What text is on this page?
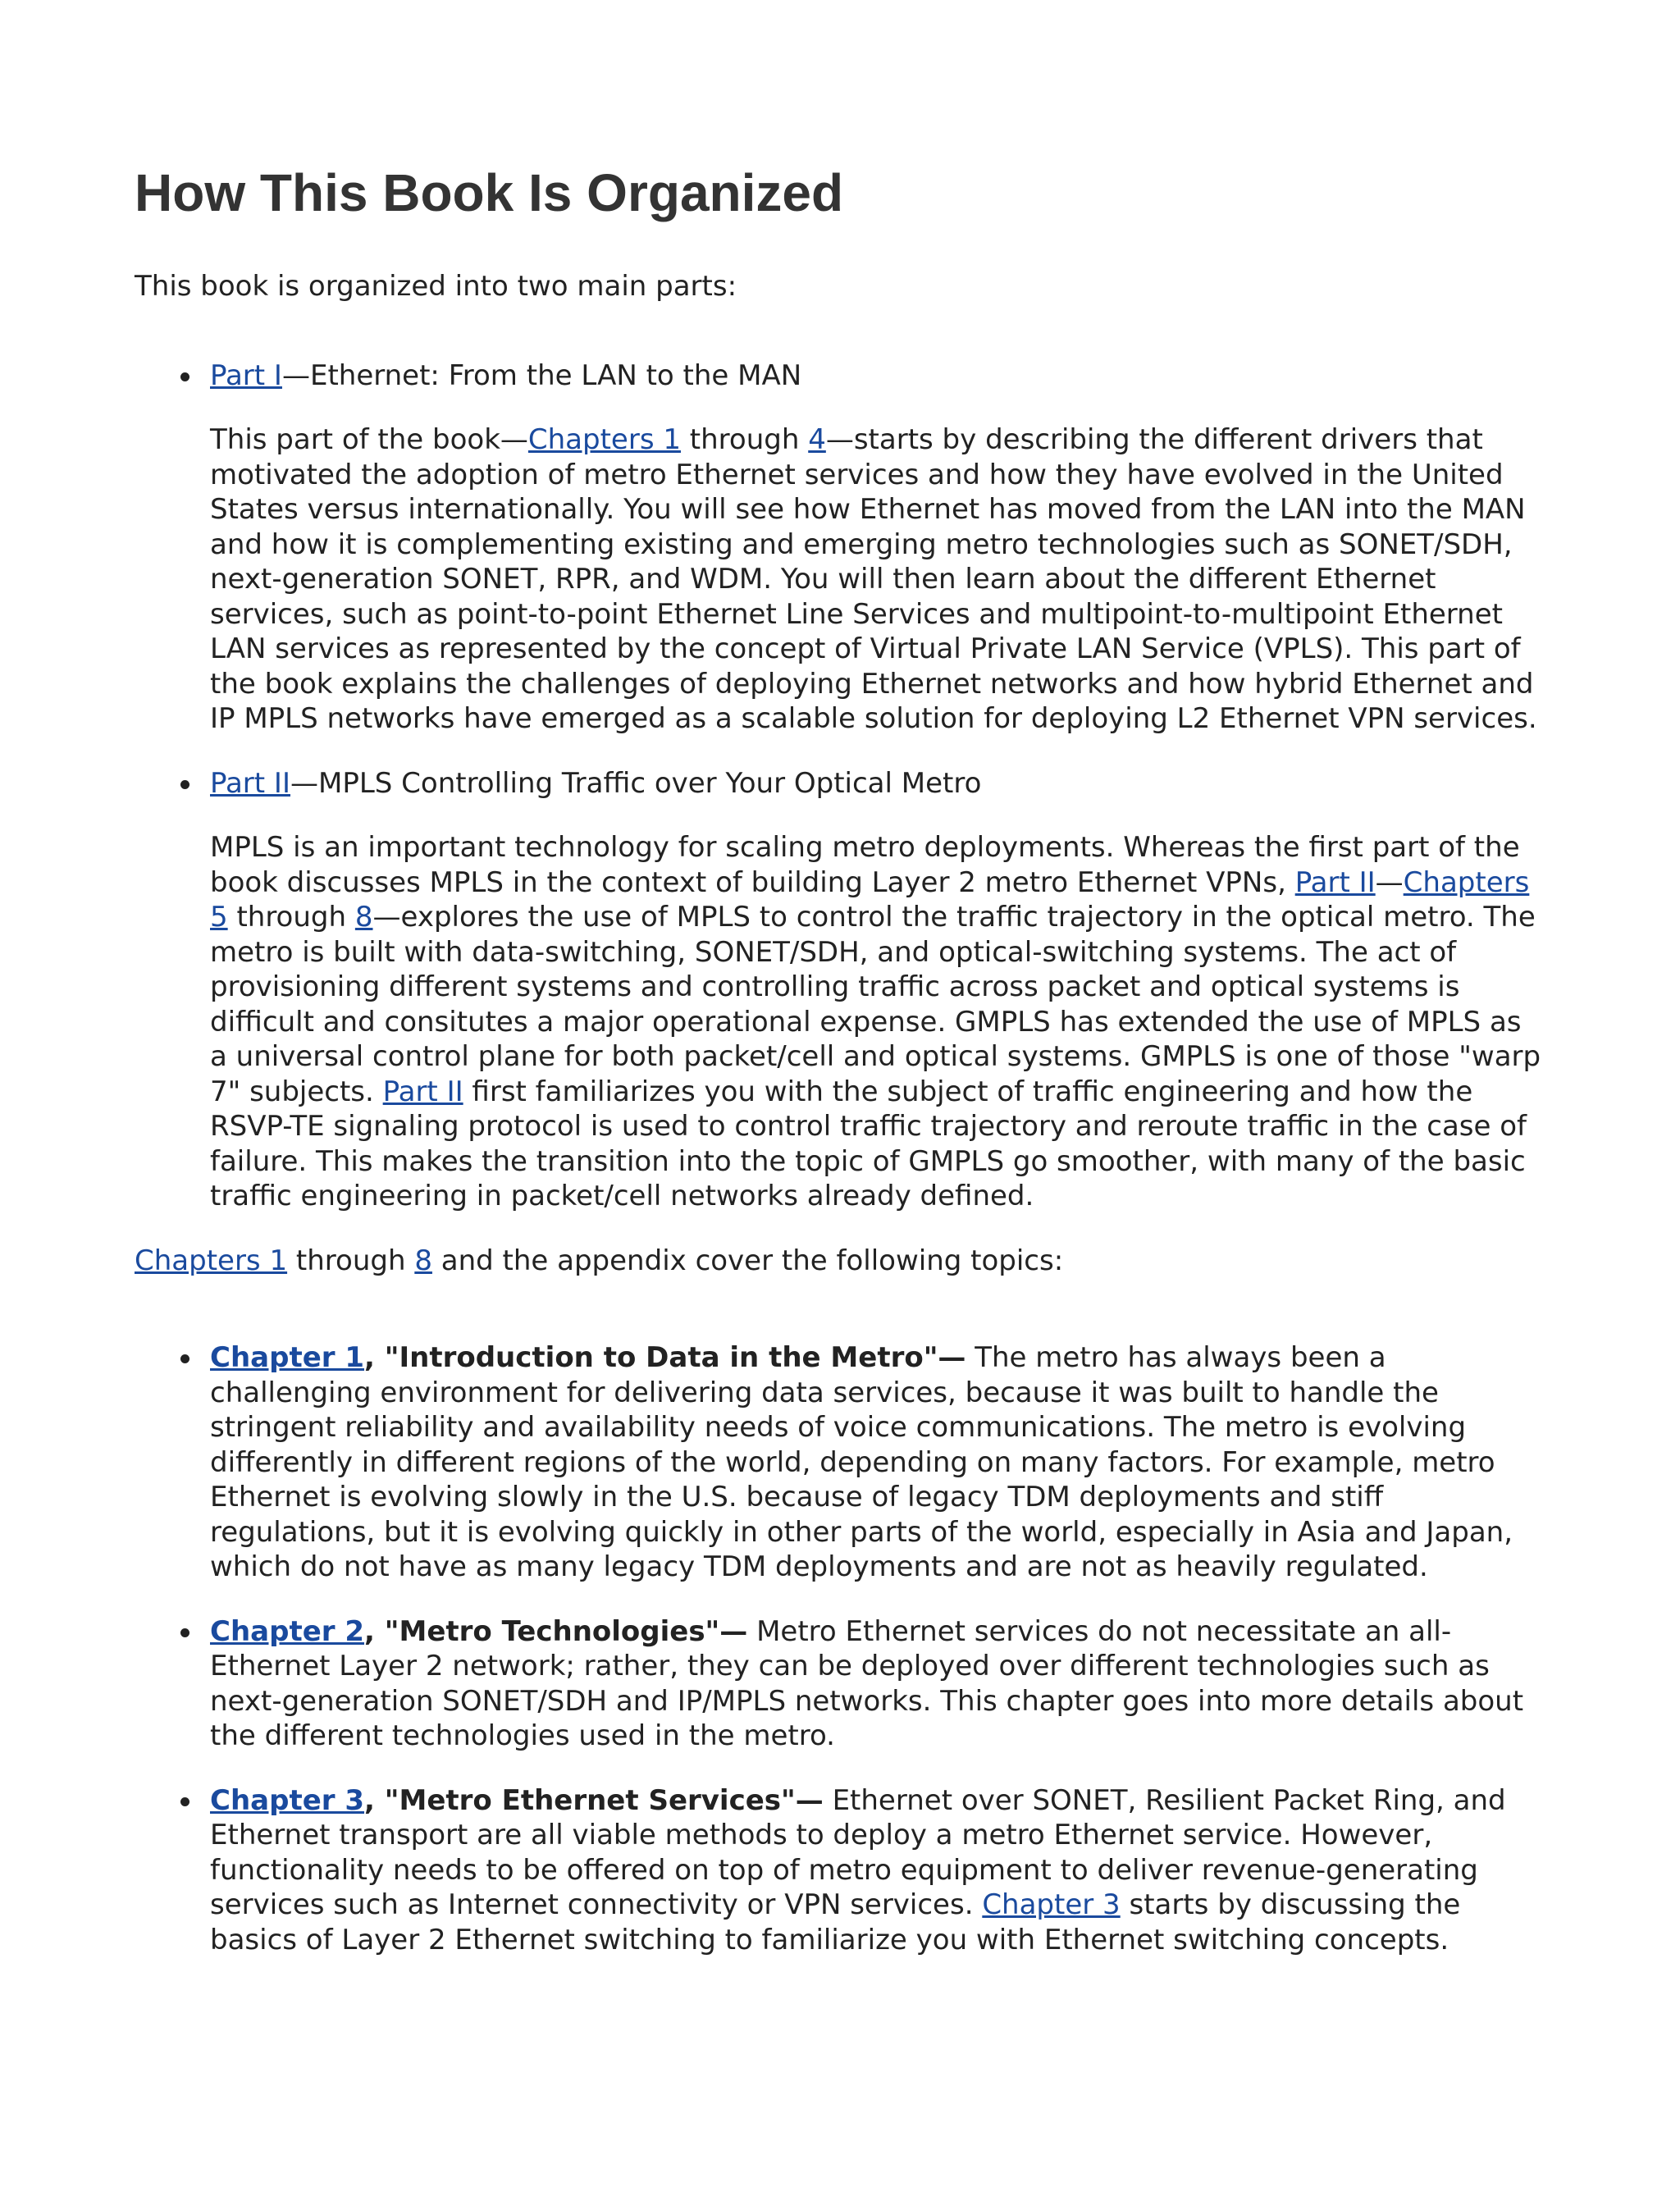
How This Book Is Organized

This book is organized into two main parts:

Part I—Ethernet: From the LAN to the MAN

This part of the book—Chapters 1 through 4—starts by describing the different drivers that motivated the adoption of metro Ethernet services and how they have evolved in the United States versus internationally. You will see how Ethernet has moved from the LAN into the MAN and how it is complementing existing and emerging metro technologies such as SONET/SDH, next-generation SONET, RPR, and WDM. You will then learn about the different Ethernet services, such as point-to-point Ethernet Line Services and multipoint-to-multipoint Ethernet LAN services as represented by the concept of Virtual Private LAN Service (VPLS). This part of the book explains the challenges of deploying Ethernet networks and how hybrid Ethernet and IP MPLS networks have emerged as a scalable solution for deploying L2 Ethernet VPN services.

Part II—MPLS Controlling Traffic over Your Optical Metro

MPLS is an important technology for scaling metro deployments. Whereas the first part of the book discusses MPLS in the context of building Layer 2 metro Ethernet VPNs, Part II—Chapters 5 through 8—explores the use of MPLS to control the traffic trajectory in the optical metro. The metro is built with data-switching, SONET/SDH, and optical-switching systems. The act of provisioning different systems and controlling traffic across packet and optical systems is difficult and consitutes a major operational expense. GMPLS has extended the use of MPLS as a universal control plane for both packet/cell and optical systems. GMPLS is one of those "warp 7" subjects. Part II first familiarizes you with the subject of traffic engineering and how the RSVP-TE signaling protocol is used to control traffic trajectory and reroute traffic in the case of failure. This makes the transition into the topic of GMPLS go smoother, with many of the basic traffic engineering in packet/cell networks already defined.

Chapters 1 through 8 and the appendix cover the following topics:

Chapter 1, "Introduction to Data in the Metro"— The metro has always been a challenging environment for delivering data services, because it was built to handle the stringent reliability and availability needs of voice communications. The metro is evolving differently in different regions of the world, depending on many factors. For example, metro Ethernet is evolving slowly in the U.S. because of legacy TDM deployments and stiff regulations, but it is evolving quickly in other parts of the world, especially in Asia and Japan, which do not have as many legacy TDM deployments and are not as heavily regulated.
Chapter 2, "Metro Technologies"— Metro Ethernet services do not necessitate an all-Ethernet Layer 2 network; rather, they can be deployed over different technologies such as next-generation SONET/SDH and IP/MPLS networks. This chapter goes into more details about the different technologies used in the metro.
Chapter 3, "Metro Ethernet Services"— Ethernet over SONET, Resilient Packet Ring, and Ethernet transport are all viable methods to deploy a metro Ethernet service. However, functionality needs to be offered on top of metro equipment to deliver revenue-generating services such as Internet connectivity or VPN services. Chapter 3 starts by discussing the basics of Layer 2 Ethernet switching to familiarize you with Ethernet switching concepts.
